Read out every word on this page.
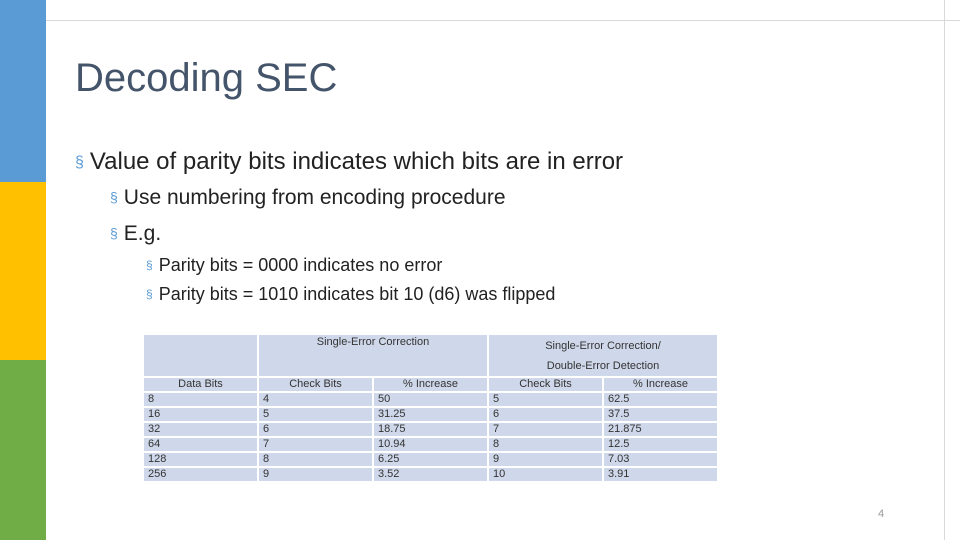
Decoding SEC
§ Value of parity bits indicates which bits are in error
§ Use numbering from encoding procedure
§ E.g.
§ Parity bits = 0000 indicates no error
§ Parity bits = 1010 indicates bit 10 (d6) was flipped
	Single-Error Correction		Single-Error Correction/
Double-Error Detection	

Data Bits	Check Bits	% Increase	Check Bits	% Increase
8	4	50	5	62.5
16	5	31.25	6	37.5
32	6	18.75	7	21.875
64	7	10.94	8	12.5
128	8	6.25	9	7.03
256	9	3.52	10	3.91
4
